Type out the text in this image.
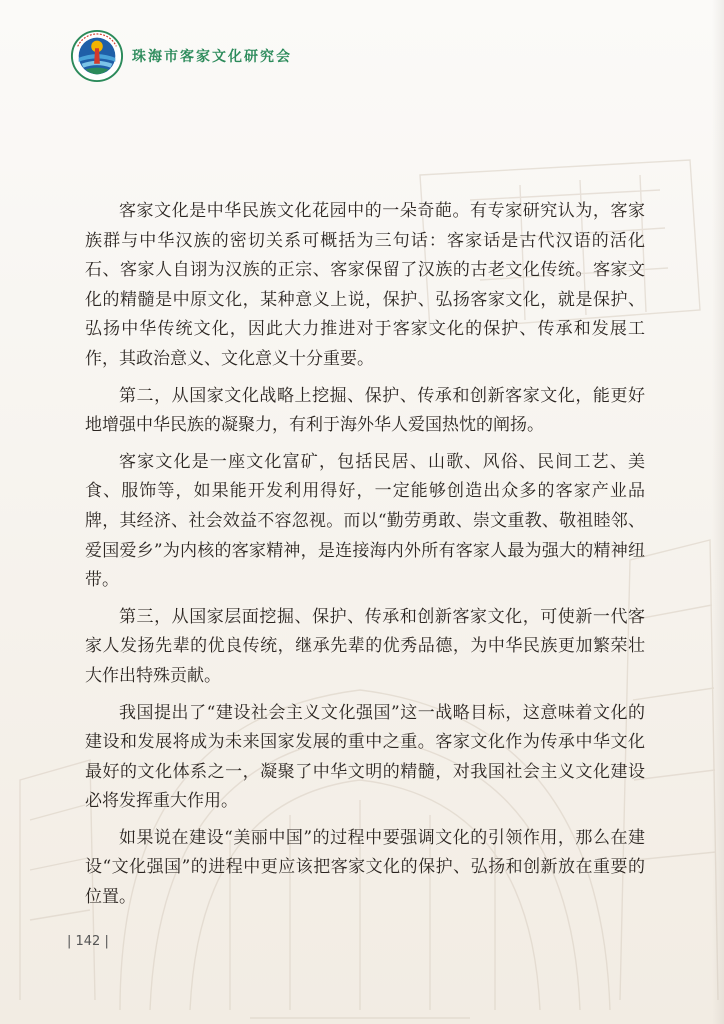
珠海市客家文化研究会

客家文化是中华民族文化花园中的一朵奇葩。有专家研究认为，客家族群与中华汉族的密切关系可概括为三句话：客家话是古代汉语的活化石、客家人自诩为汉族的正宗、客家保留了汉族的古老文化传统。客家文化的精髓是中原文化，某种意义上说，保护、弘扬客家文化，就是保护、弘扬中华传统文化，因此大力推进对于客家文化的保护、传承和发展工作，其政治意义、文化意义十分重要。

第二，从国家文化战略上挖掘、保护、传承和创新客家文化，能更好地增强中华民族的凝聚力，有利于海外华人爱国热忱的阐扬。

客家文化是一座文化富矿，包括民居、山歌、风俗、民间工艺、美食、服饰等，如果能开发利用得好，一定能够创造出众多的客家产业品牌，其经济、社会效益不容忽视。而以“勤劳勇敢、崇文重教、敬祖睦邻、爱国爱乡”为内核的客家精神，是连接海内外所有客家人最为强大的精神纽带。

第三，从国家层面挖掘、保护、传承和创新客家文化，可使新一代客家人发扬先辈的优良传统，继承先辈的优秀品德，为中华民族更加繁荣壮大作出特殊贡献。

我国提出了“建设社会主义文化强国”这一战略目标，这意味着文化的建设和发展将成为未来国家发展的重中之重。客家文化作为传承中华文化最好的文化体系之一，凝聚了中华文明的精髓，对我国社会主义文化建设必将发挥重大作用。

如果说在建设“美丽中国”的过程中要强调文化的引领作用，那么在建设“文化强国”的进程中更应该把客家文化的保护、弘扬和创新放在重要的位置。

| 142 |
